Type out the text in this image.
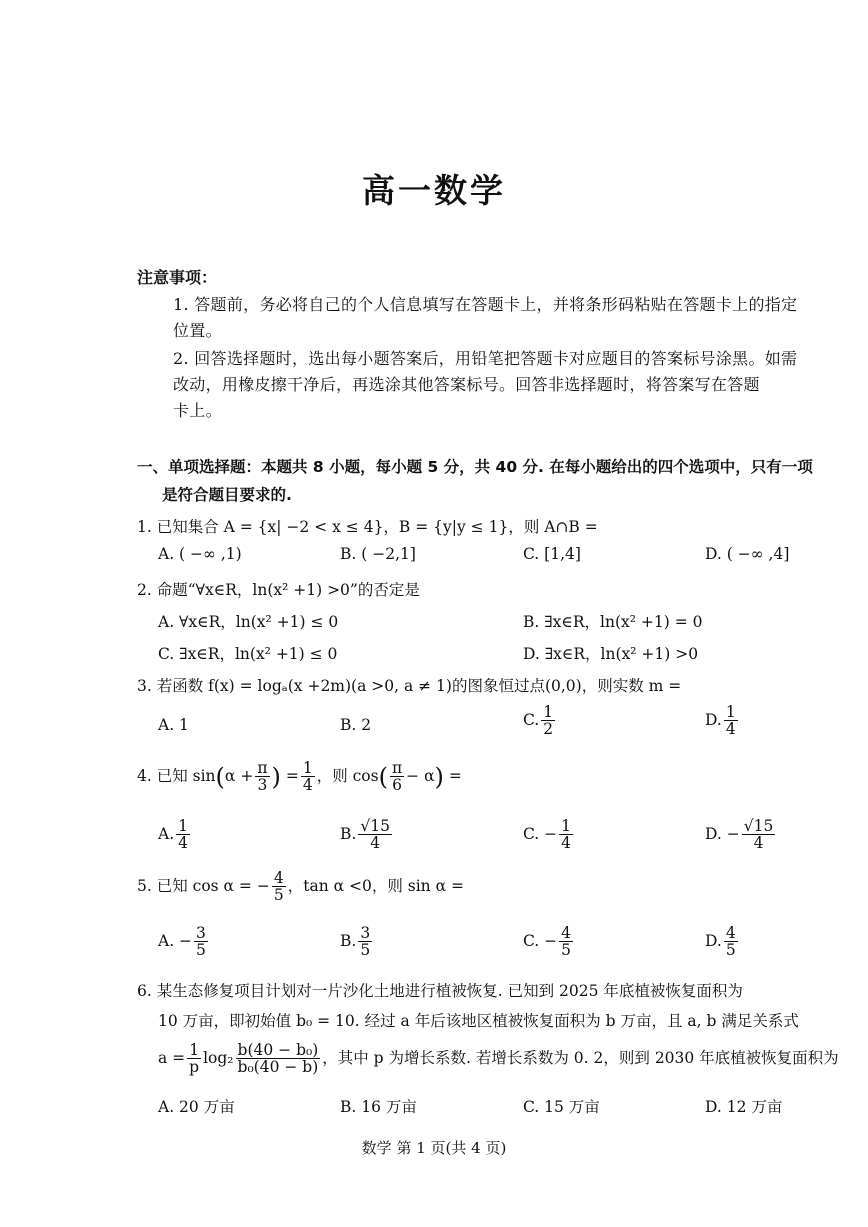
高一数学
注意事项：
1. 答题前，务必将自己的个人信息填写在答题卡上，并将条形码粘贴在答题卡上的指定
位置。
2. 回答选择题时，选出每小题答案后，用铅笔把答题卡对应题目的答案标号涂黑。如需
改动，用橡皮擦干净后，再选涂其他答案标号。回答非选择题时，将答案写在答题
卡上。
一、单项选择题：本题共 8 小题，每小题 5 分，共 40 分. 在每小题给出的四个选项中，只有一项
是符合题目要求的.
1. 已知集合 A = {x| −2 < x ≤ 4}，B = {y|y ≤ 1}，则 A∩B =
A. ( −∞ ,1)	B. ( −2,1]	C. [1,4]	D. ( −∞ ,4]
2. 命题“∀x∈R，ln(x² +1) >0”的否定是
A. ∀x∈R，ln(x² +1) ≤ 0	B. ∃x∈R，ln(x² +1) = 0
C. ∃x∈R，ln(x² +1) ≤ 0	D. ∃x∈R，ln(x² +1) >0
3. 若函数 f(x) = logₐ(x +2m)(a >0, a ≠ 1)的图象恒过点(0,0)，则实数 m =
A. 1	B. 2	C. $\frac{1}{2}$	D. $\frac{1}{4}$
4. 已知 $\sin(\alpha + \frac{\pi}{3}$ ) = $\frac{1}{4}$ ，则 $\cos( \frac{\pi}{6} - \alpha)$ =
A. $\frac{1}{4}$	B. $\frac{√15}{4}$	C. − $\frac{1}{4}$	D. − $\frac{√15}{4}$
5. 已知 cos α = − $\frac{4}{5}$ ，tan α <0，则 sin α =
A. − $\frac{3}{5}$	B. $\frac{3}{5}$	C. − $\frac{4}{5}$	D. $\frac{4}{5}$
6. 某生态修复项目计划对一片沙化土地进行植被恢复. 已知到 2025 年底植被恢复面积为
10 万亩，即初始值 b₀ = 10. 经过 a 年后该地区植被恢复面积为 b 万亩，且 a, b 满足关系式
$a = \frac{1}{p} \log_2 \frac{\text{b(40 − b₀)}}{\text{b₀(40 − b)}}$ ，其中 p 为增长系数. 若增长系数为 0. 2，则到 2030 年底植被恢复面积为
A. 20 万亩	B. 16 万亩	C. 15 万亩	D. 12 万亩
数学 第 1 页(共 4 页)
